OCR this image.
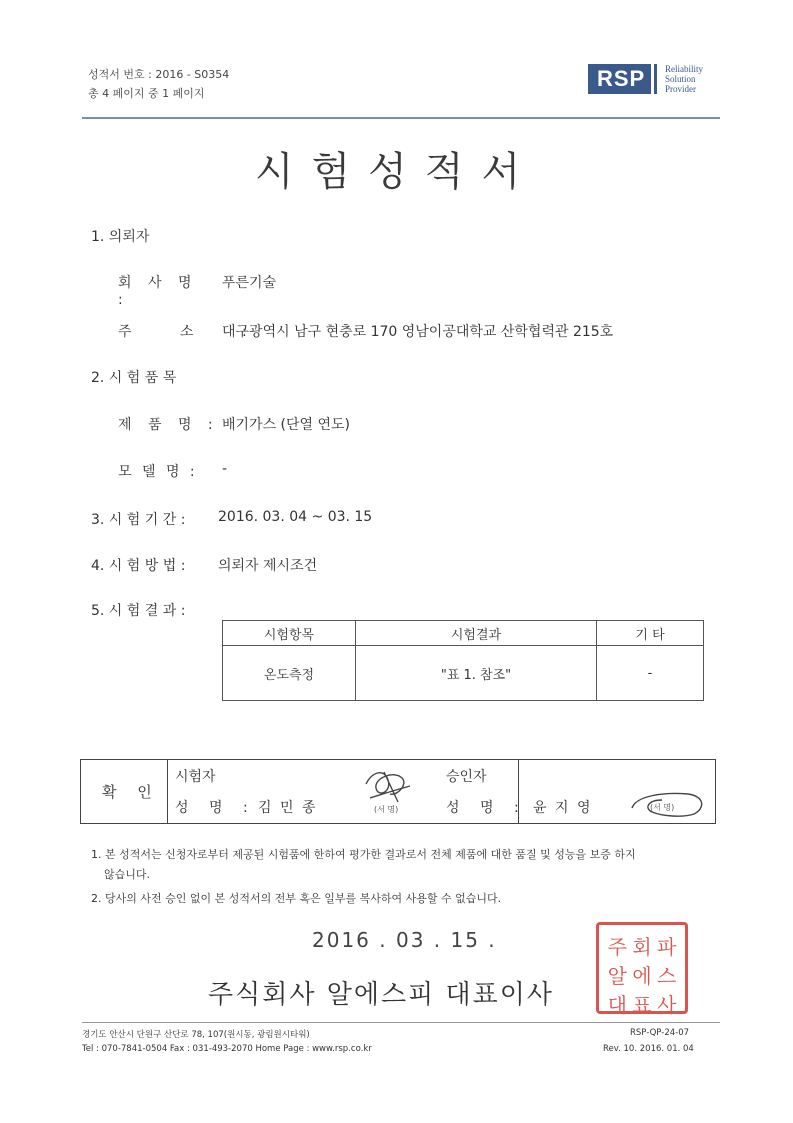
성적서 번호 : 2016 - S0354
총 4 페이지 중 1 페이지
RSP Reliability
Solution
Provider
시험성적서
1. 의뢰자
회 사 명 :
푸른기술
주 소 :
대구광역시 남구 현충로 170 영남이공대학교 산학협력관 215호
2. 시 험 품 목
제 품 명 : 배기가스 (단열 연도)
모 델 명 : -
3. 시 험 기 간 : 2016. 03. 04 ~ 03. 15
4. 시 험 방 법 : 의뢰자 제시조건
5. 시 험 결 과 :
시험항목	시험결과	기 타
온도측정	"표 1. 참조"	-
확 인
시험자
성 명 : 김 민 종	(서 명)
승인자
성 명 : 윤 지 영	(서 명)
1. 본 성적서는 신청자로부터 제공된 시험품에 한하여 평가한 결과로서 전체 제품에 대한 품질 및 성능을 보증 하지
않습니다.
2. 당사의 사전 승인 없이 본 성적서의 전부 혹은 일부를 복사하여 사용할 수 없습니다.
2016 . 03 . 15 .
주식회사 알에스피 대표이사
주 회 파
알 에 스
대 표 사
경기도 안산시 단원구 산단로 78, 107(원시동, 광림원시타워)
Tel : 070-7841-0504 Fax : 031-493-2070 Home Page : www.rsp.co.kr
RSP-QP-24-07
Rev. 10. 2016. 01. 04
